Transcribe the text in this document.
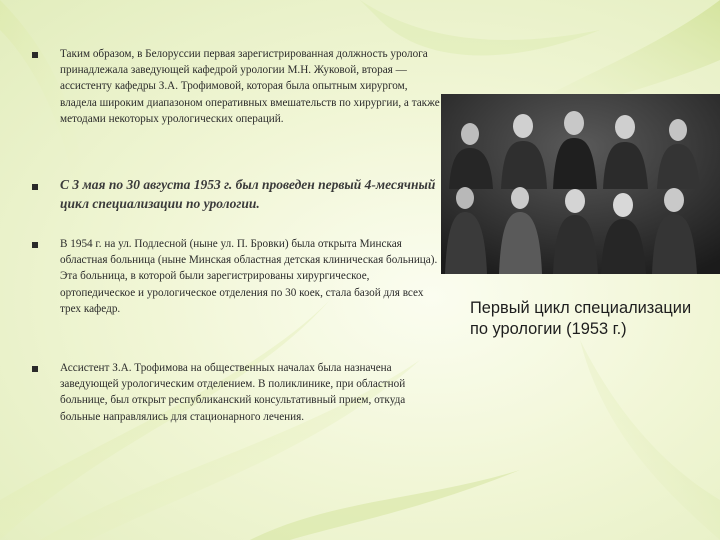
Таким образом, в Белоруссии первая зарегистрированная должность уролога принадлежала заведующей кафедрой урологии М.Н. Жуковой, вторая — ассистенту кафедры З.А. Трофимовой, которая была опытным хирургом, владела широким диапазоном оперативных вмешательств по хирургии, а также методами некоторых урологических операций.
С 3 мая по 30 августа 1953 г. был проведен первый 4-месячный цикл специализации по урологии.
В 1954 г. на ул. Подлесной (ныне ул. П. Бровки) была открыта Минская областная больница (ныне Минская областная детская клиническая больница). Эта больница, в которой были зарегистрированы хирургическое, ортопедическое и урологическое отделения по 30 коек, стала базой для всех трех кафедр.
Ассистент З.А. Трофимова на общественных началах была назначена заведующей урологическим отделением. В поликлинике, при областной больнице, был открыт республиканский консультативный прием, откуда больные направлялись для стационарного лечения.
Первый цикл специализации по урологии (1953 г.)
